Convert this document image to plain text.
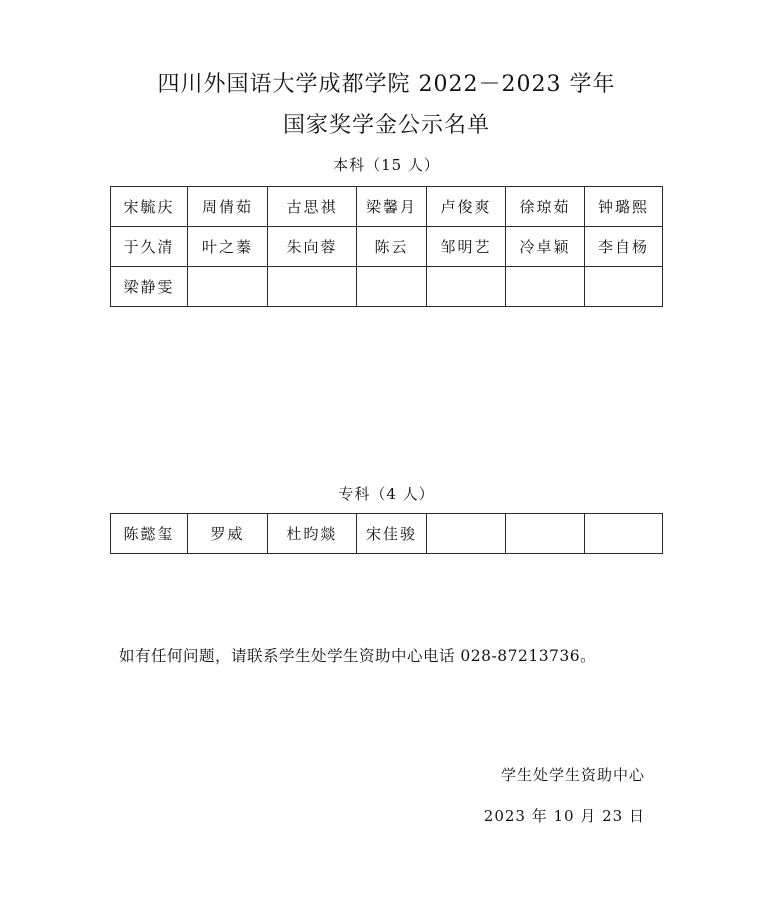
四川外国语大学成都学院 2022－2023 学年
国家奖学金公示名单
本科（15 人）
宋毓庆	周倩茹	古思祺	梁馨月	卢俊爽	徐琼茹	钟璐熙
于久清	叶之蓁	朱向蓉	陈云	邹明艺	冷卓颖	李自杨
梁静雯						
专科（4 人）
陈懿玺	罗威	杜昀燚	宋佳骏			
如有任何问题，请联系学生处学生资助中心电话 028-87213736。
学生处学生资助中心
2023 年 10 月 23 日
